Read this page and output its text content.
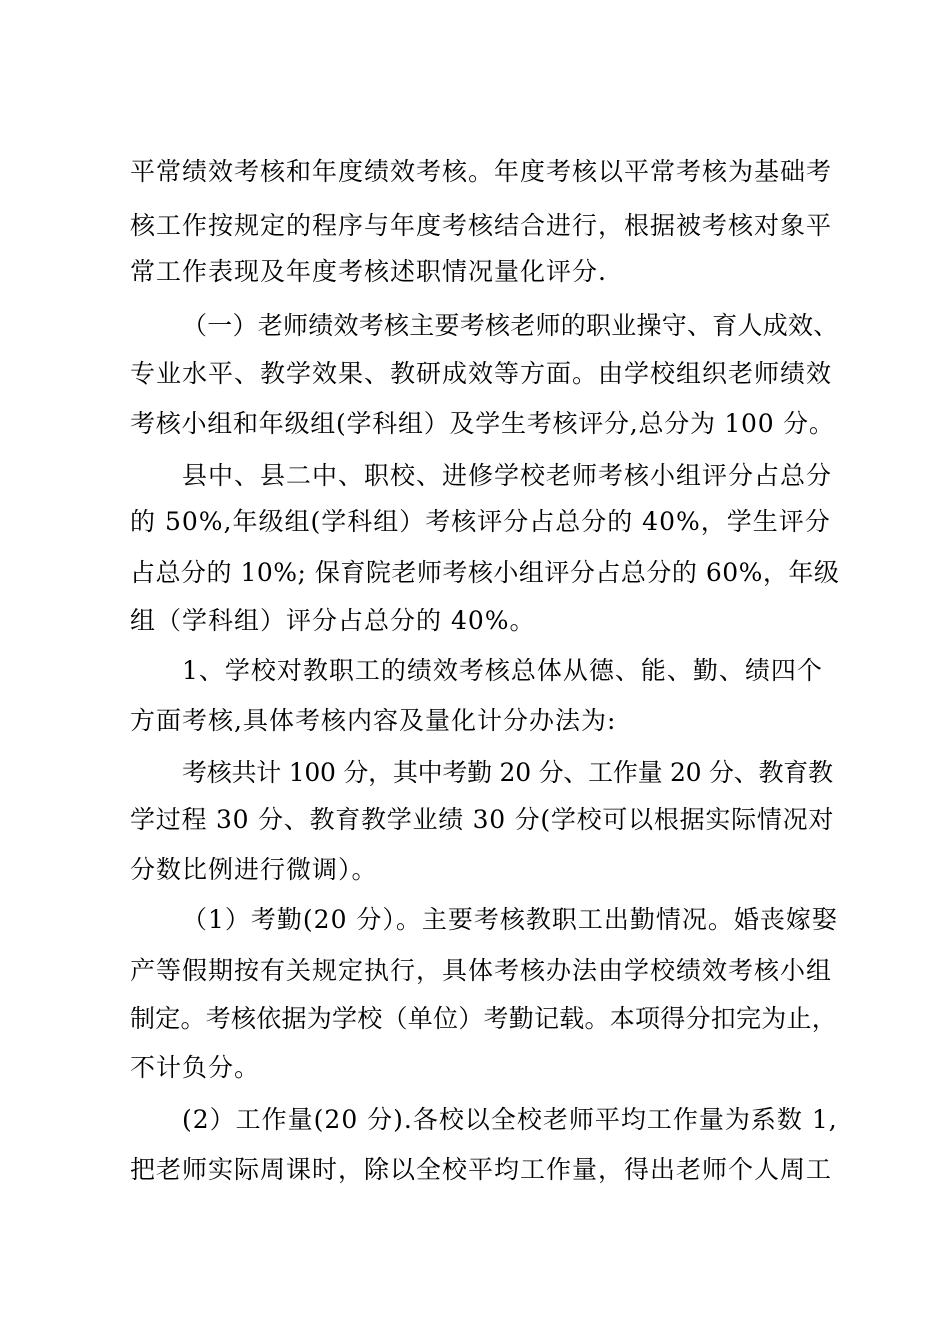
平常绩效考核和年度绩效考核。年度考核以平常考核为基础考
核工作按规定的程序与年度考核结合进行，根据被考核对象平
常工作表现及年度考核述职情况量化评分.
（一）老师绩效考核主要考核老师的职业操守、育人成效、
专业水平、教学效果、教研成效等方面。由学校组织老师绩效
考核小组和年级组(学科组）及学生考核评分,总分为 100 分。
县中、县二中、职校、进修学校老师考核小组评分占总分
的 50%,年级组(学科组）考核评分占总分的 40%，学生评分
占总分的 10%; 保育院老师考核小组评分占总分的 60%，年级
组（学科组）评分占总分的 40%。
1、学校对教职工的绩效考核总体从德、能、勤、绩四个
方面考核,具体考核内容及量化计分办法为:
考核共计 100 分，其中考勤 20 分、工作量 20 分、教育教
学过程 30 分、教育教学业绩 30 分(学校可以根据实际情况对
分数比例进行微调）。
（1）考勤(20 分）。主要考核教职工出勤情况。婚丧嫁娶
产等假期按有关规定执行，具体考核办法由学校绩效考核小组
制定。考核依据为学校（单位）考勤记载。本项得分扣完为止，
不计负分。
(2）工作量(20 分).各校以全校老师平均工作量为系数 1,
把老师实际周课时，除以全校平均工作量，得出老师个人周工
